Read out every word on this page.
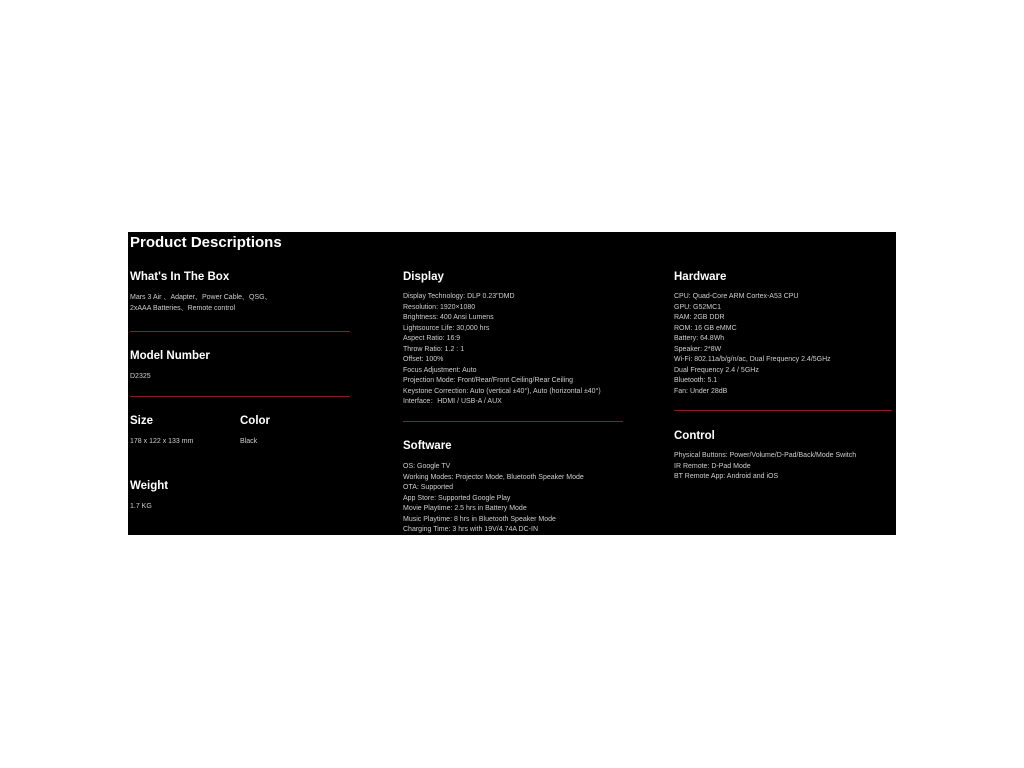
Product Descriptions
What's In The Box
Mars 3 Air 、Adapter、Power Cable、QSG、
2xAAA Batteries、Remote control
Model Number
D2325
Size
178 x 122 x 133 mm
Color
Black
Weight
1.7 KG
Display
Display Technology: DLP 0.23"DMD
Resolution: 1920×1080
Brightness: 400 Ansi Lumens
Lightsource Life: 30,000 hrs
Aspect Ratio: 16:9
Throw Ratio: 1.2 : 1
Offset: 100%
Focus Adjustment: Auto
Projection Mode: Front/Rear/Front Ceiling/Rear Ceiling
Keystone Correction: Auto (vertical ±40°), Auto (horizontal ±40°)
Interface：HDMI / USB-A / AUX
Software
OS: Google TV
Working Modes: Projector Mode, Bluetooth Speaker Mode
OTA: Supported
App Store: Supported Google Play
Movie Playtime: 2.5 hrs in Battery Mode
Music Playtime: 8 hrs in Bluetooth Speaker Mode
Charging Time: 3 hrs with 19V/4.74A DC-IN
Hardware
CPU: Quad-Core ARM Cortex-A53 CPU
GPU: G52MC1
RAM: 2GB DDR
ROM: 16 GB eMMC
Battery: 64.8Wh
Speaker: 2*8W
Wi-Fi: 802.11a/b/g/n/ac, Dual Frequency 2.4/5GHz
Dual Frequency 2.4 / 5GHz
Bluetooth: 5.1
Fan: Under 28dB
Control
Physical Buttons: Power/Volume/D-Pad/Back/Mode Switch
IR Remote: D-Pad Mode
BT Remote App: Android and iOS
